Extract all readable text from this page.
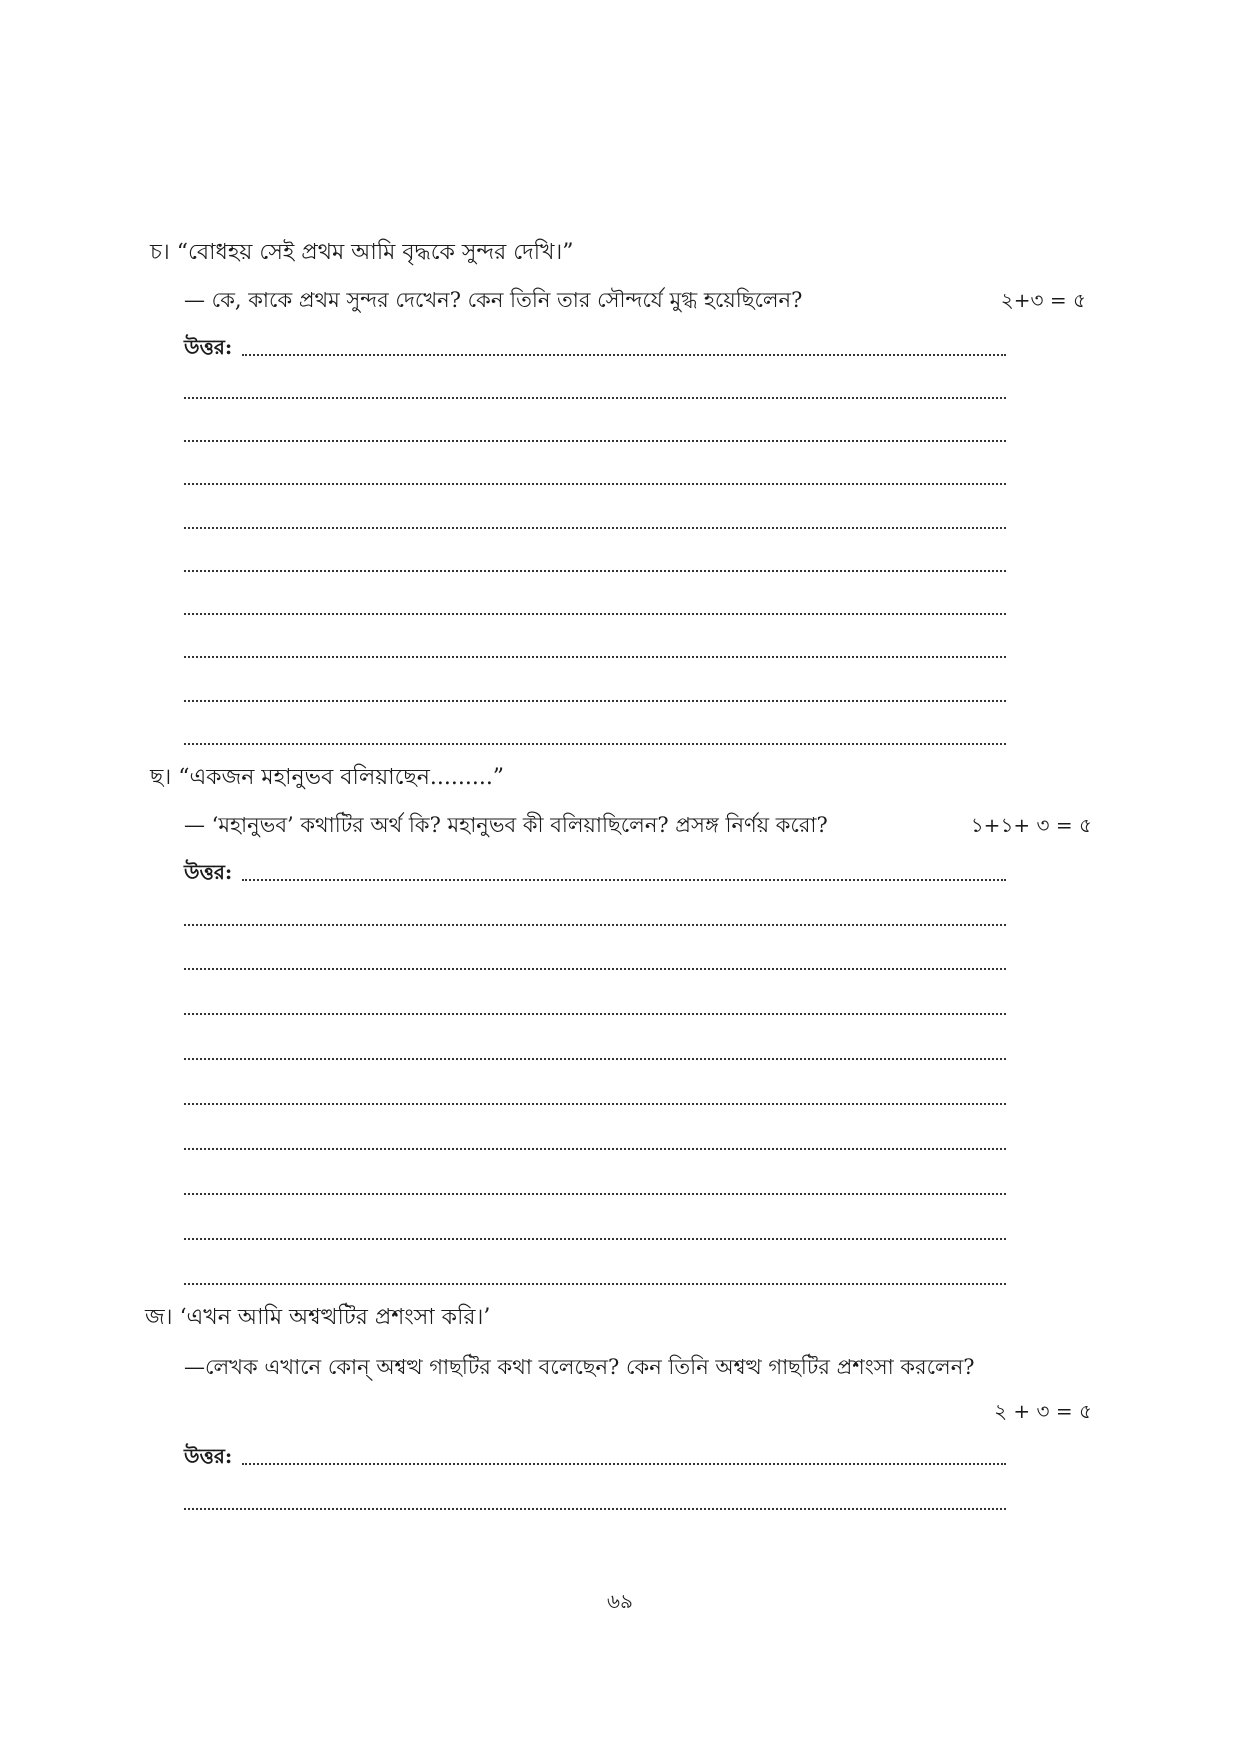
চ। “বোধহয় সেই প্রথম আমি বৃদ্ধকে সুন্দর দেখি।”
— কে, কাকে প্রথম সুন্দর দেখেন? কেন তিনি তার সৌন্দর্যে মুগ্ধ হয়েছিলেন?	২+৩ = ৫
উত্তর:
ছ। “একজন মহানুভব বলিয়াছেন.........”
— ‘মহানুভব’ কথাটির অর্থ কি? মহানুভব কী বলিয়াছিলেন? প্রসঙ্গ নির্ণয় করো?	১+১+ ৩ = ৫
উত্তর:
জ। ‘এখন আমি অশ্বত্থটির প্রশংসা করি।’
—লেখক এখানে কোন্ অশ্বত্থ গাছটির কথা বলেছেন? কেন তিনি অশ্বত্থ গাছটির প্রশংসা করলেন?
২ + ৩ = ৫
উত্তর:
৬৯
